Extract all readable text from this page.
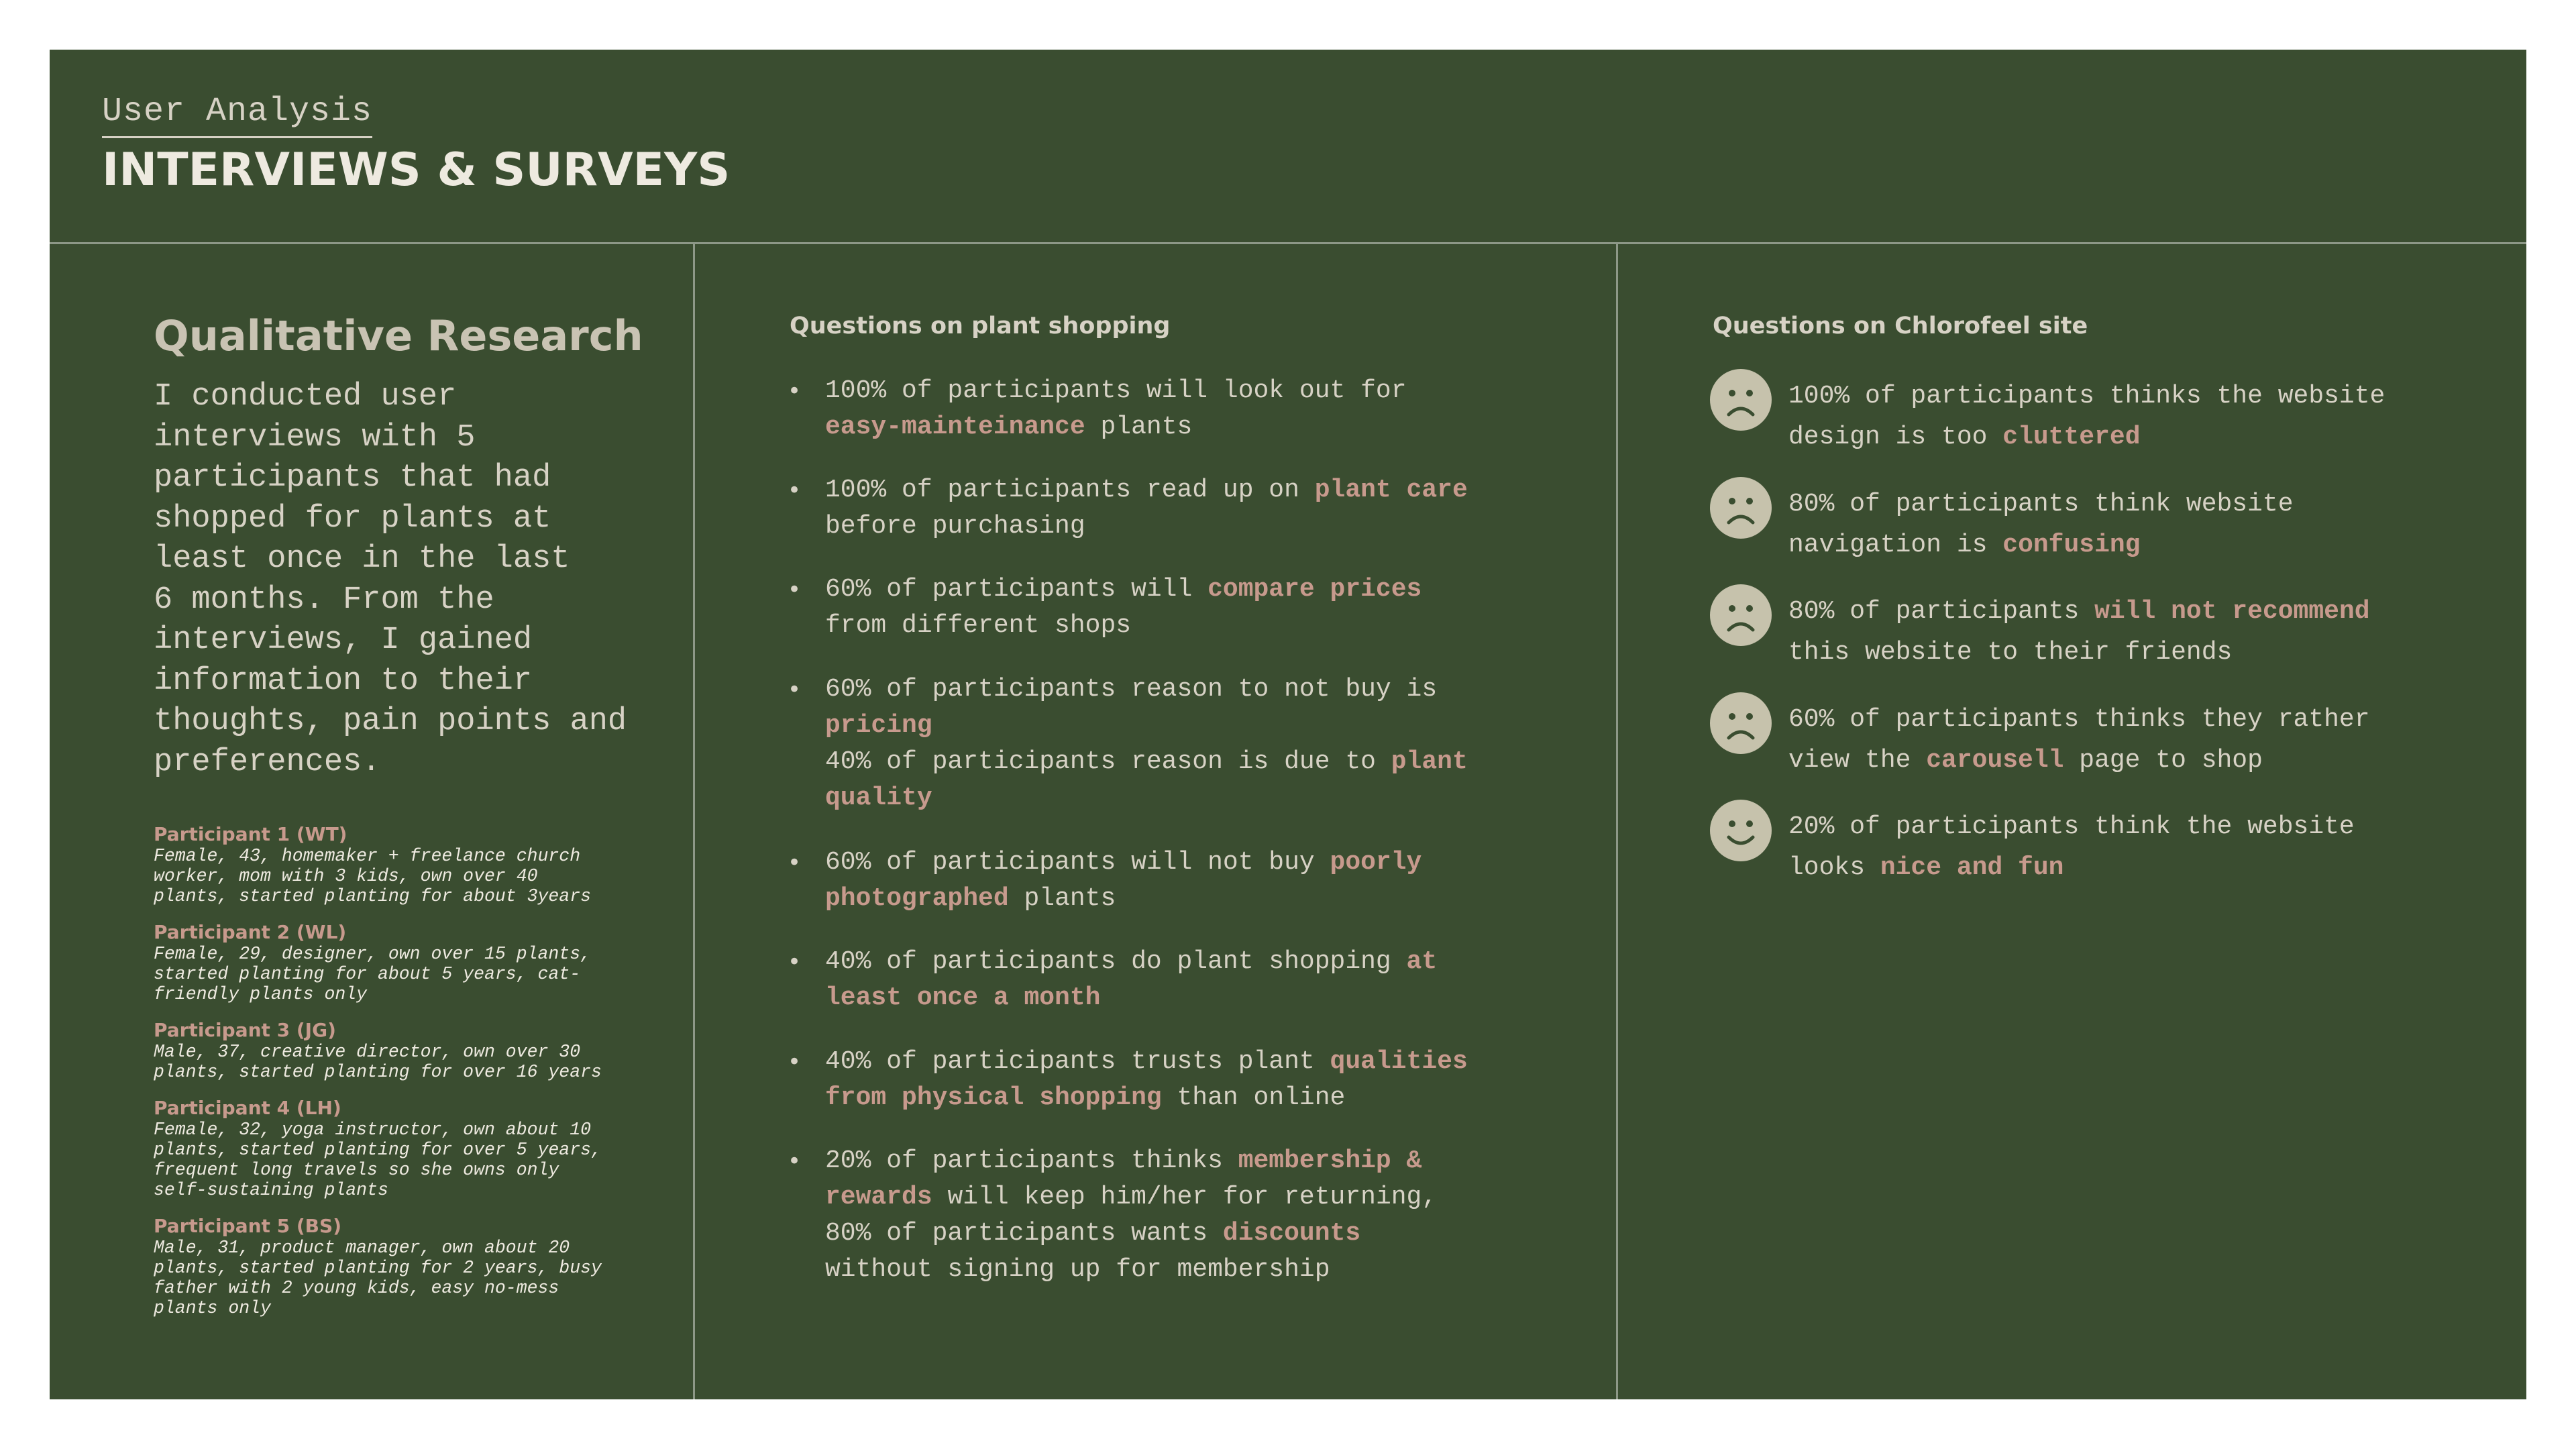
User Analysis
INTERVIEWS & SURVEYS
Qualitative Research

I conducted user
interviews with 5
participants that had
shopped for plants at
least once in the last
6 months. From the
interviews, I gained
information to their
thoughts, pain points and
preferences.

Participant 1 (WT)

Female, 43, homemaker + freelance church
worker, mom with 3 kids, own over 40
plants, started planting for about 3years

Participant 2 (WL)

Female, 29, designer, own over 15 plants,
started planting for about 5 years, cat-
friendly plants only

Participant 3 (JG)

Male, 37, creative director, own over 30
plants, started planting for over 16 years

Participant 4 (LH)

Female, 32, yoga instructor, own about 10
plants, started planting for over 5 years,
frequent long travels so she owns only
self-sustaining plants

Participant 5 (BS)

Male, 31, product manager, own about 20
plants, started planting for 2 years, busy
father with 2 young kids, easy no-mess
plants only

Questions on plant shopping
• 100% of participants will look out for
easy-mainteinance plants
• 100% of participants read up on plant care
before purchasing
• 60% of participants will compare prices
from different shops
• 60% of participants reason to not buy is
pricing
40% of participants reason is due to plant
quality
• 60% of participants will not buy poorly
photographed plants
• 40% of participants do plant shopping at
least once a month
• 40% of participants trusts plant qualities
from physical shopping than online
• 20% of participants thinks membership &
rewards will keep him/her for returning,
80% of participants wants discounts
without signing up for membership
Questions on Chlorofeel site
100% of participants thinks the website
design is too cluttered
80% of participants think website
navigation is confusing
80% of participants will not recommend
this website to their friends
60% of participants thinks they rather
view the carousell page to shop
20% of participants think the website
looks nice and fun
